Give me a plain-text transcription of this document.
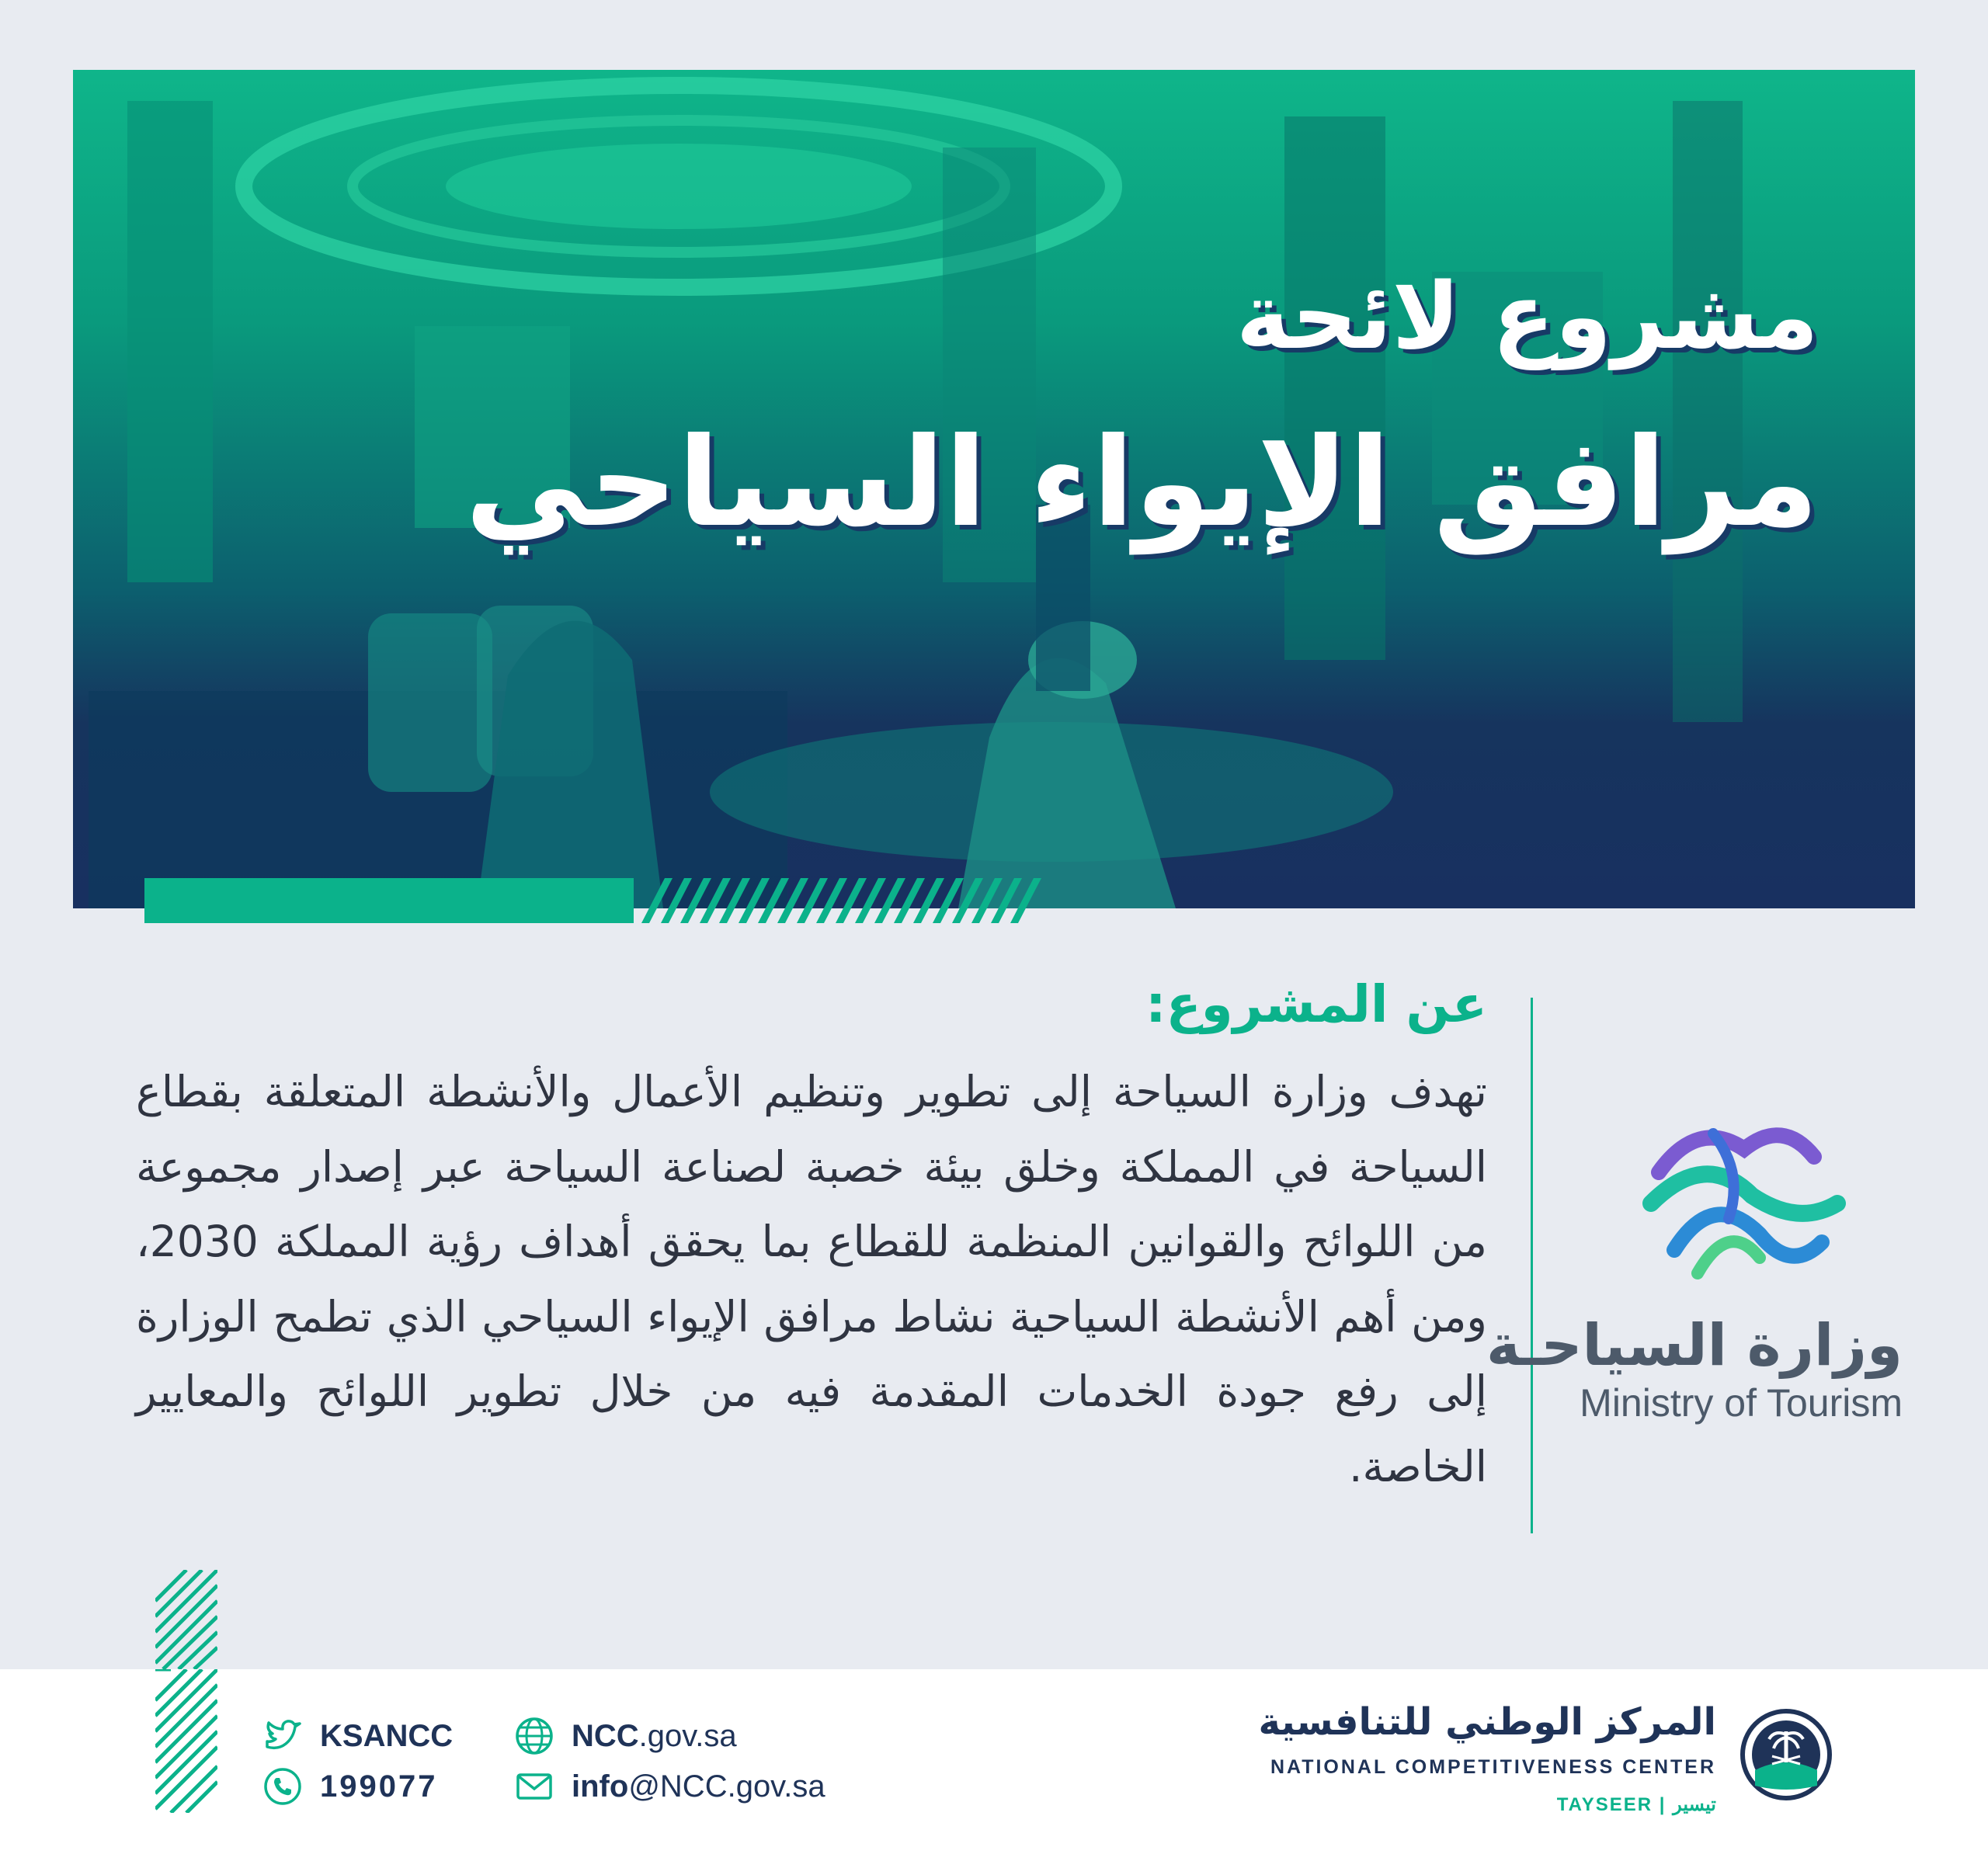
مشروع لائحة
مرافق الإيواء السياحي
عن المشروع:
تهدف وزارة السياحة إلى تطوير وتنظيم الأعمال والأنشطة المتعلقة بقطاع السياحة في المملكة وخلق بيئة خصبة لصناعة السياحة عبر إصدار مجموعة من اللوائح والقوانين المنظمة للقطاع بما يحقق أهداف رؤية المملكة 2030، ومن أهم الأنشطة السياحية نشاط مرافق الإيواء السياحي الذي تطمح الوزارة إلى رفع جودة الخدمات المقدمة فيه من خلال تطوير اللوائح والمعايير الخاصة.
وزارة السياحـة
Ministry of Tourism
KSANCC
199077
NCC .gov.sa
info @NCC.gov.sa
المركز الوطني للتنافسية
NATIONAL COMPETITIVENESS CENTER
TAYSEER | تيسير
